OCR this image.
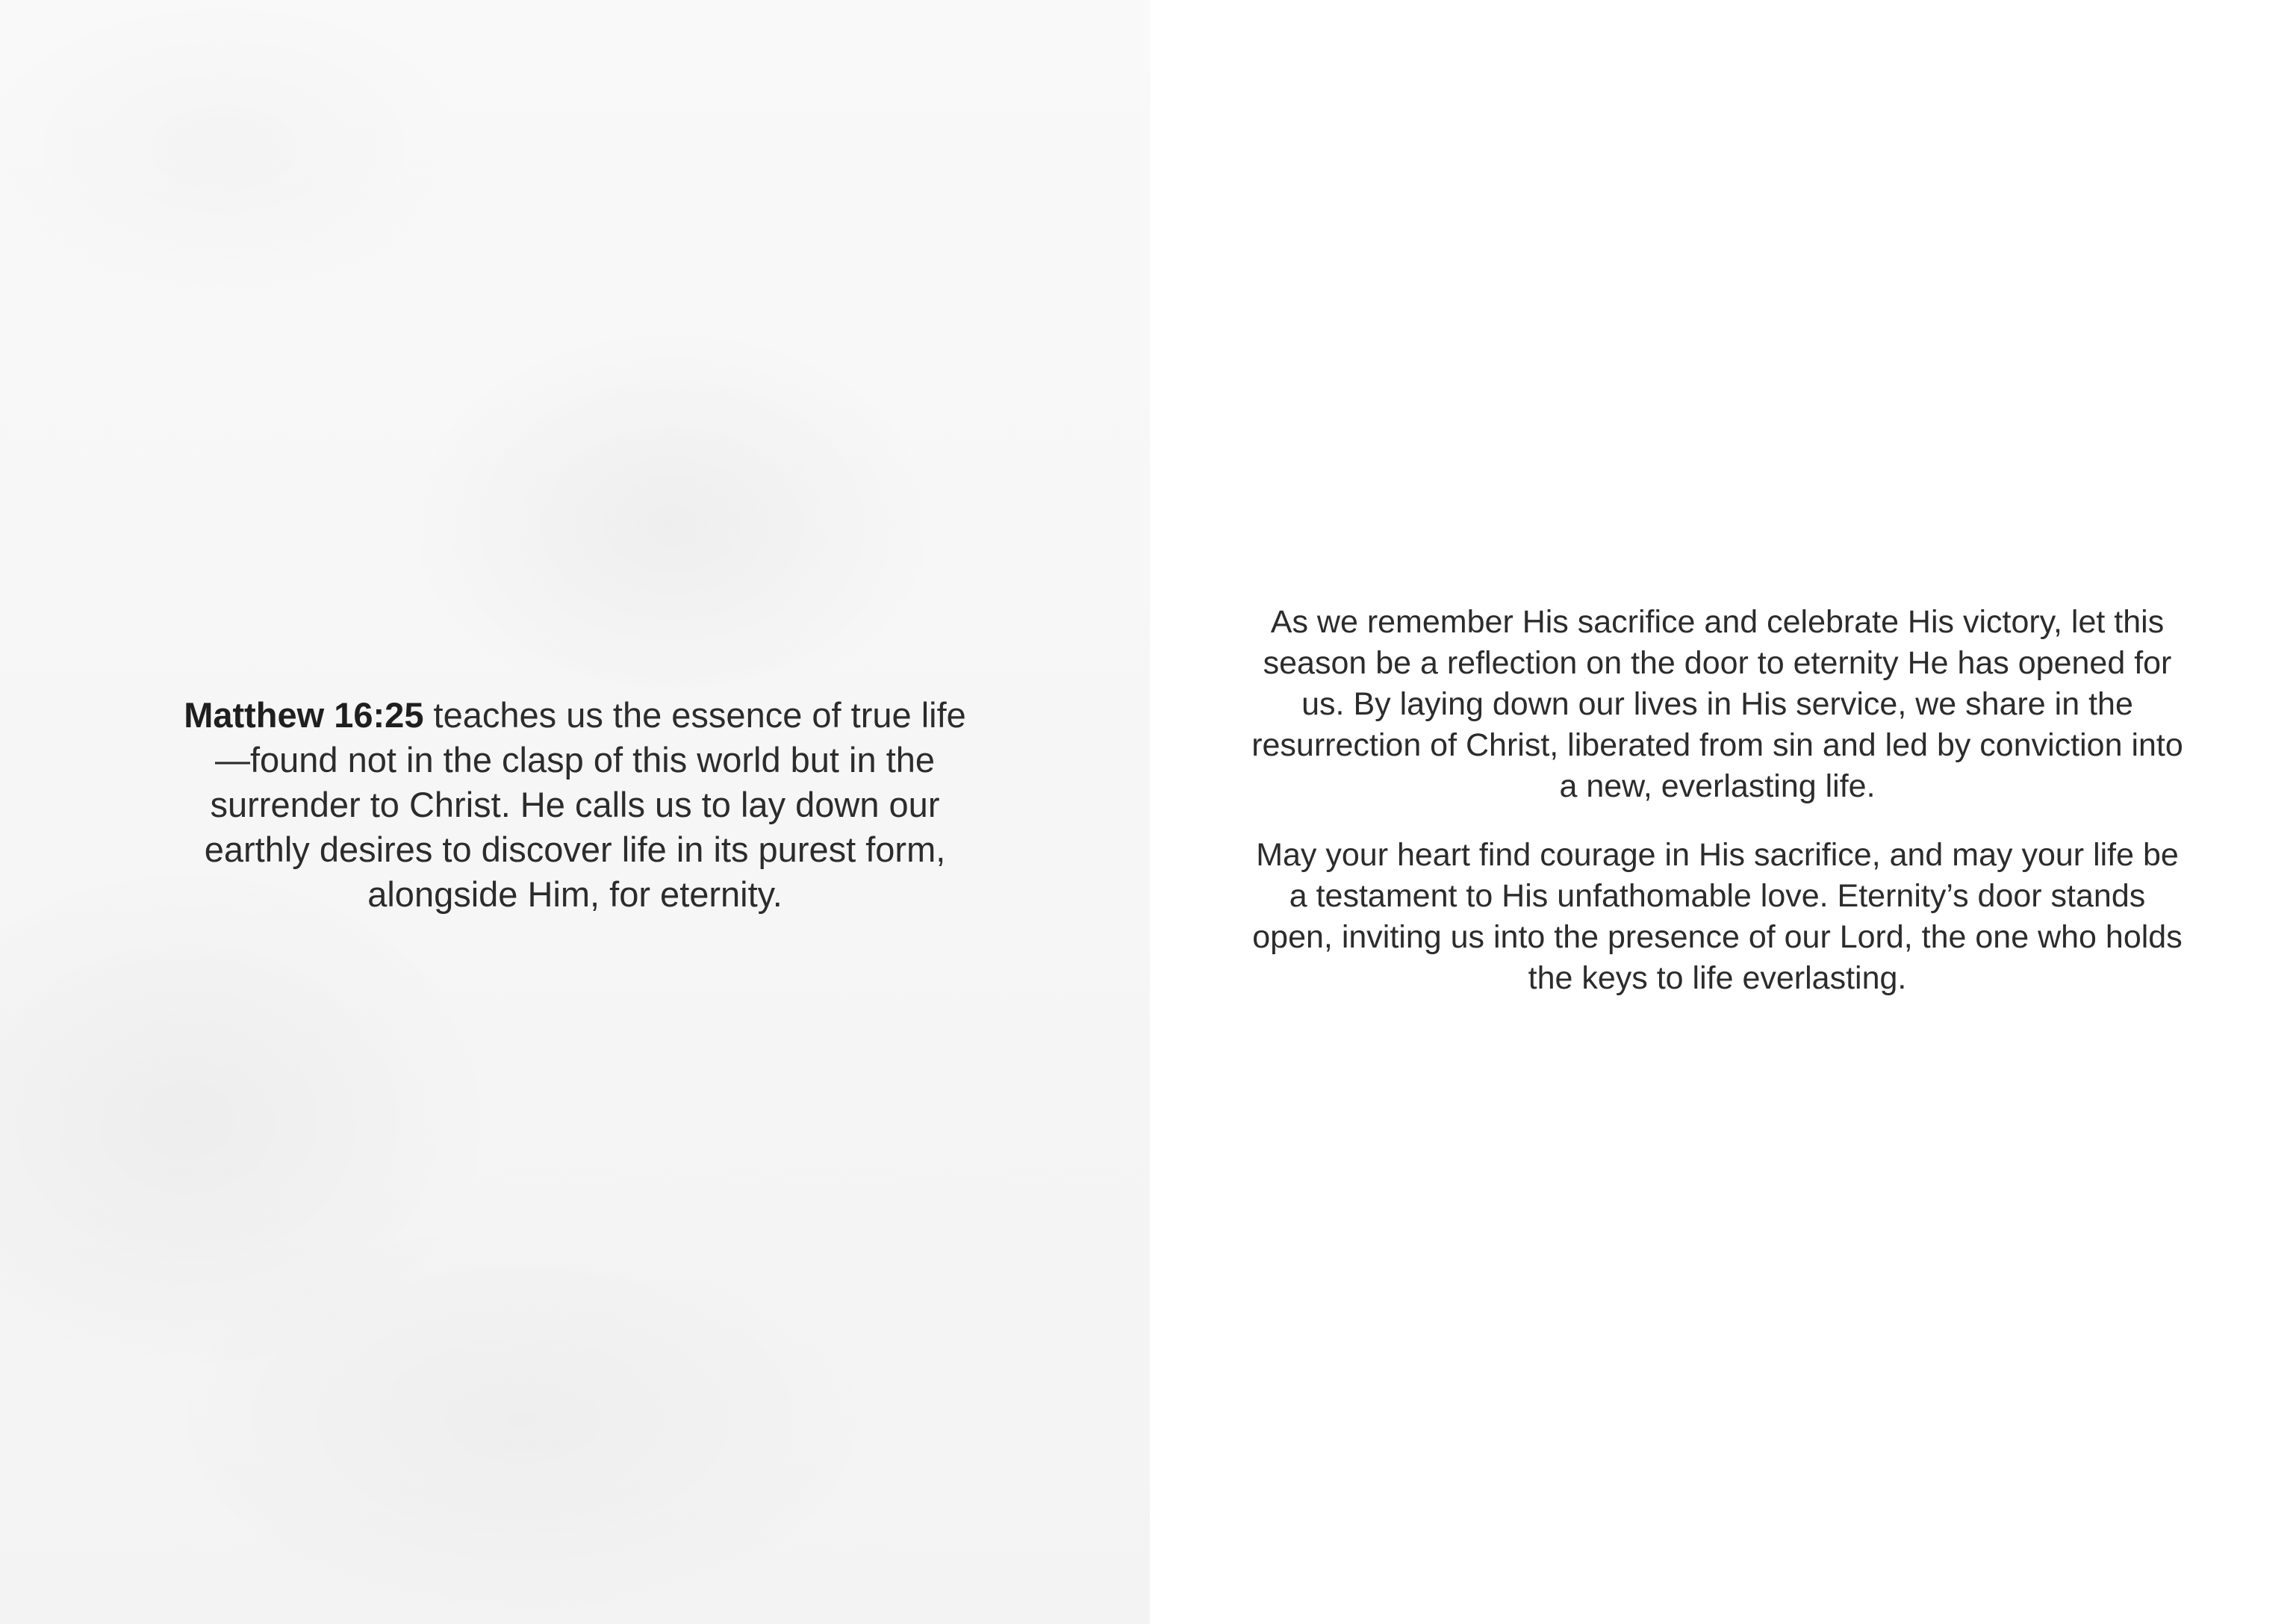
Matthew 16:25 teaches us the essence of true life—found not in the clasp of this world but in the surrender to Christ. He calls us to lay down our earthly desires to discover life in its purest form, alongside Him, for eternity.

As we remember His sacrifice and celebrate His victory, let this season be a reflection on the door to eternity He has opened for us. By laying down our lives in His service, we share in the resurrection of Christ, liberated from sin and led by conviction into a new, everlasting life.

May your heart find courage in His sacrifice, and may your life be a testament to His unfathomable love. Eternity’s door stands open, inviting us into the presence of our Lord, the one who holds the keys to life everlasting.
